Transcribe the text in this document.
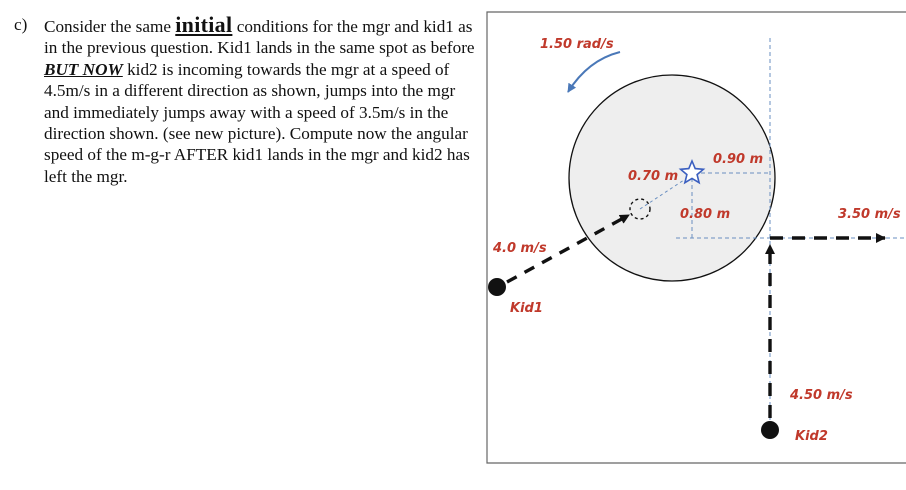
c) Consider the same initial conditions for the mgr and kid1 as in the previous question. Kid1 lands in the same spot as before BUT NOW kid2 is incoming towards the mgr at a speed of 4.5m/s in a different direction as shown, jumps into the mgr and immediately jumps away with a speed of 3.5m/s in the direction shown. (see new picture). Compute now the angular speed of the m-g-r AFTER kid1 lands in the mgr and kid2 has left the mgr.
1.50 rad/s
4.0 m/s
Kid1
0.70 m
0.90 m
0.80 m	3.50 m/s
4.50 m/s
Kid2
